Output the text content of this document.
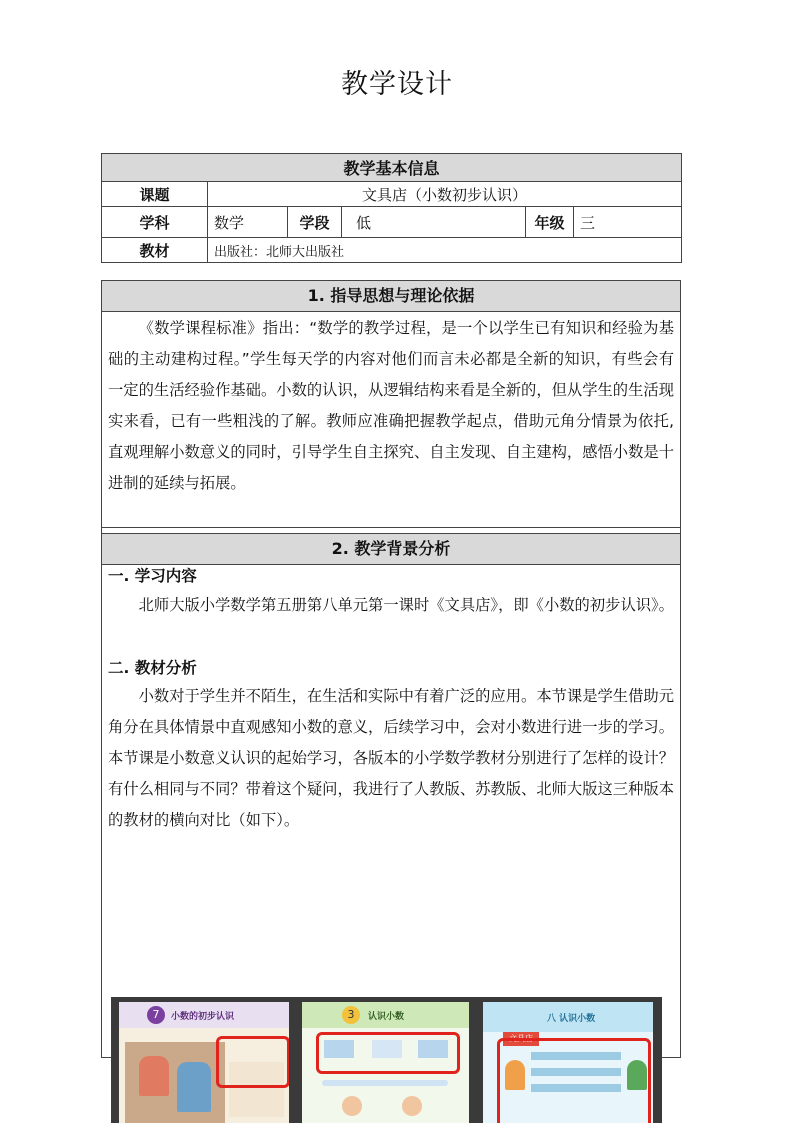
教学设计
教学基本信息					
课题	文具店（小数初步认识）				
学科	数学	学段	低	年级	三
教材	出版社：北师大出版社				
1. 指导思想与理论依据
《数学课程标准》指出：“数学的教学过程，是一个以学生已有知识和经验为基础的主动建构过程。”学生每天学的内容对他们而言未必都是全新的知识，有些会有一定的生活经验作基础。小数的认识，从逻辑结构来看是全新的，但从学生的生活现实来看，已有一些粗浅的了解。教师应准确把握教学起点，借助元角分情景为依托,直观理解小数意义的同时，引导学生自主探究、自主发现、自主建构，感悟小数是十进制的延续与拓展。
2. 教学背景分析
一. 学习内容
北师大版小学数学第五册第八单元第一课时《文具店》，即《小数的初步认识》。
二. 教材分析
小数对于学生并不陌生，在生活和实际中有着广泛的应用。本节课是学生借助元角分在具体情景中直观感知小数的意义，后续学习中，会对小数进行进一步的学习。本节课是小数意义认识的起始学习，各版本的小学数学教材分别进行了怎样的设计？有什么相同与不同？带着这个疑问，我进行了人教版、苏教版、北师大版这三种版本的教材的横向对比（如下）。
7	小数的初步认识	3	认识小数	八 认识小数
文具店
